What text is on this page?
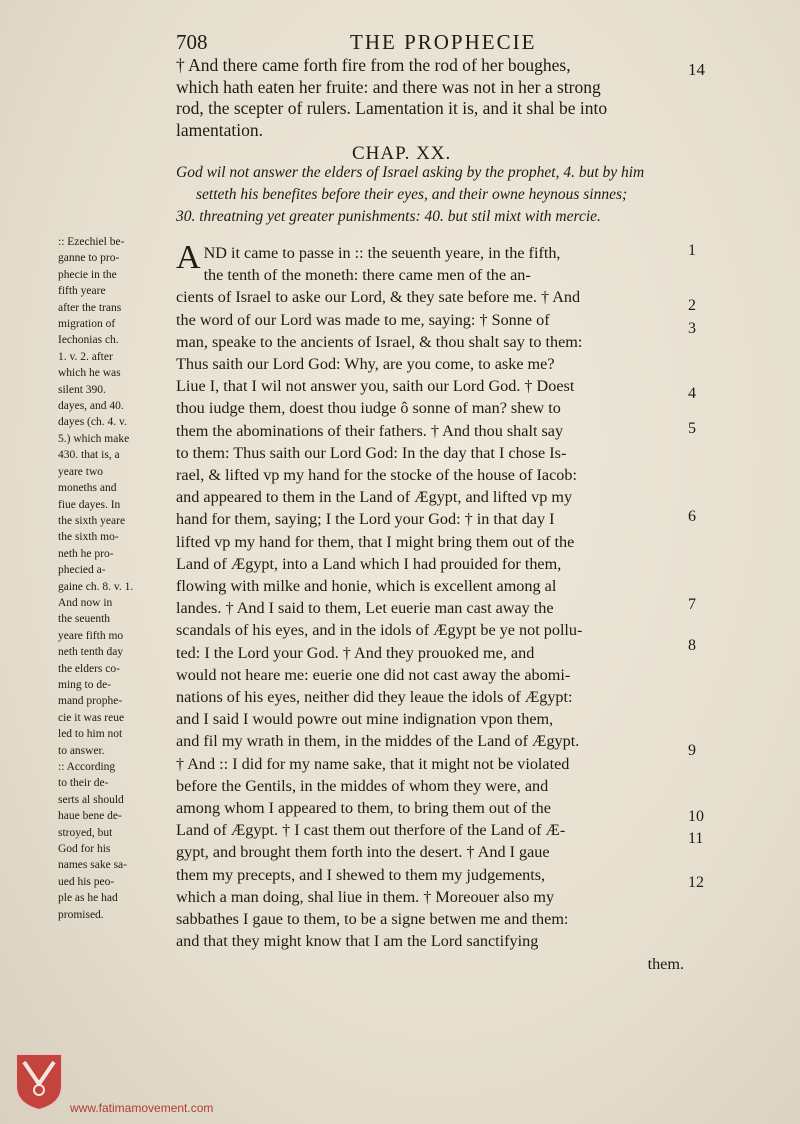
708	THE PROPHECIE
14
† And there came forth fire from the rod of her boughes,
which hath eaten her fruite: and there was not in her a strong
rod, the scepter of rulers. Lamentation it is, and it shal be into
lamentation.
CHAP. XX.
God wil not answer the elders of Israel asking by the prophet, 4. but by him
setteth his benefites before their eyes, and their owne heynous sinnes;
30. threatning yet greater punishments: 40. but stil mixt with mercie.
:: Ezechiel be-
ganne to pro-
phecie in the
fifth yeare
after the trans
migration of
Iechonias ch.
1. v. 2. after
which he was
silent 390.
dayes, and 40.
dayes (ch. 4. v.
5.) which make
430. that is, a
yeare two
moneths and
fiue dayes. In
the sixth yeare
the sixth mo-
neth he pro-
phecied a-
gaine ch. 8. v. 1.
And now in
the seuenth
yeare fifth mo
neth tenth day
the elders co-
ming to de-
mand prophe-
cie it was reue
led to him not
to answer.
:: According
to their de-
serts al should
haue bene de-
stroyed, but
God for his
names sake sa-
ued his peo-
ple as he had
promised.
AND it came to passe in :: the seuenth yeare, in the fifth,
the tenth of the moneth: there came men of the an-
cients of Israel to aske our Lord, & they sate before me. † And
the word of our Lord was made to me, saying: † Sonne of
man, speake to the ancients of Israel, & thou shalt say to them:
Thus saith our Lord God: Why, are you come, to aske me?
Liue I, that I wil not answer you, saith our Lord God. † Doest
thou iudge them, doest thou iudge ô sonne of man? shew to
them the abominations of their fathers. † And thou shalt say
to them: Thus saith our Lord God: In the day that I chose Is-
rael, & lifted vp my hand for the stocke of the house of Iacob:
and appeared to them in the Land of Ægypt, and lifted vp my
hand for them, saying; I the Lord your God: † in that day I
lifted vp my hand for them, that I might bring them out of the
Land of Ægypt, into a Land which I had prouided for them,
flowing with milke and honie, which is excellent among al
landes. † And I said to them, Let euerie man cast away the
scandals of his eyes, and in the idols of Ægypt be ye not pollu-
ted: I the Lord your God. † And they prouoked me, and
would not heare me: euerie one did not cast away the abomi-
nations of his eyes, neither did they leaue the idols of Ægypt:
and I said I would powre out mine indignation vpon them,
and fil my wrath in them, in the middes of the Land of Ægypt.
† And :: I did for my name sake, that it might not be violated
before the Gentils, in the middes of whom they were, and
among whom I appeared to them, to bring them out of the
Land of Ægypt. † I cast them out therfore of the Land of Æ-
gypt, and brought them forth into the desert. † And I gaue
them my precepts, and I shewed to them my judgements,
which a man doing, shal liue in them. † Moreouer also my
sabbathes I gaue to them, to be a signe betwen me and them:
and that they might know that I am the Lord sanctifying
them.
1
2
3
4
5
6
7
8
9
10
11
12
www.fatimamovement.com
